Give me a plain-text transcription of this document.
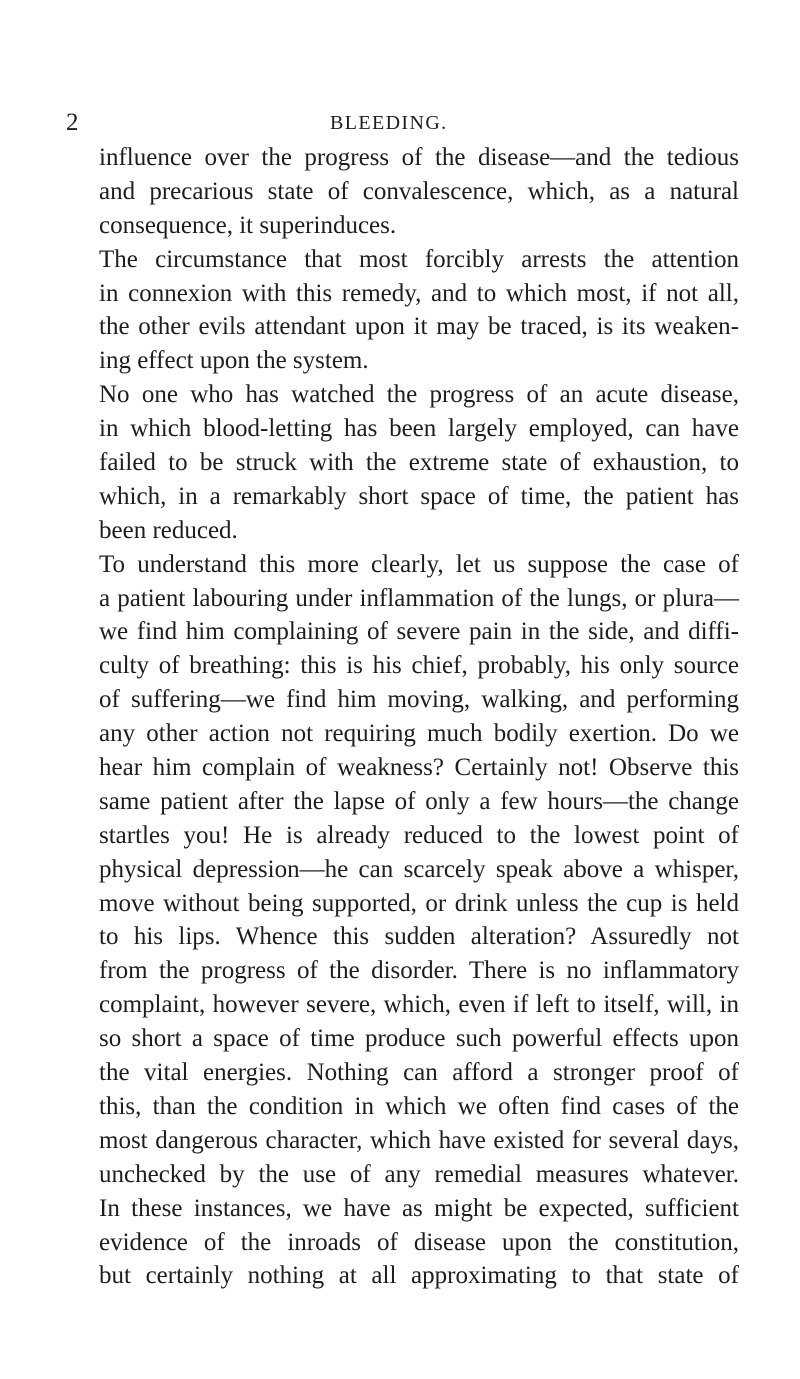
2	BLEEDING.
influence over the progress of the disease—and the tedious
and precarious state of convalescence, which, as a natural
consequence, it superinduces.
The circumstance that most forcibly arrests the attention
in connexion with this remedy, and to which most, if not all,
the other evils attendant upon it may be traced, is its weaken-
ing effect upon the system.
No one who has watched the progress of an acute disease,
in which blood-letting has been largely employed, can have
failed to be struck with the extreme state of exhaustion, to
which, in a remarkably short space of time, the patient has
been reduced.
To understand this more clearly, let us suppose the case of
a patient labouring under inflammation of the lungs, or plura—
we find him complaining of severe pain in the side, and diffi-
culty of breathing: this is his chief, probably, his only source
of suffering—we find him moving, walking, and performing
any other action not requiring much bodily exertion. Do we
hear him complain of weakness? Certainly not! Observe this
same patient after the lapse of only a few hours—the change
startles you! He is already reduced to the lowest point of
physical depression—he can scarcely speak above a whisper,
move without being supported, or drink unless the cup is held
to his lips. Whence this sudden alteration? Assuredly not
from the progress of the disorder. There is no inflammatory
complaint, however severe, which, even if left to itself, will, in
so short a space of time produce such powerful effects upon
the vital energies. Nothing can afford a stronger proof of
this, than the condition in which we often find cases of the
most dangerous character, which have existed for several days,
unchecked by the use of any remedial measures whatever.
In these instances, we have as might be expected, sufficient
evidence of the inroads of disease upon the constitution,
but certainly nothing at all approximating to that state of
